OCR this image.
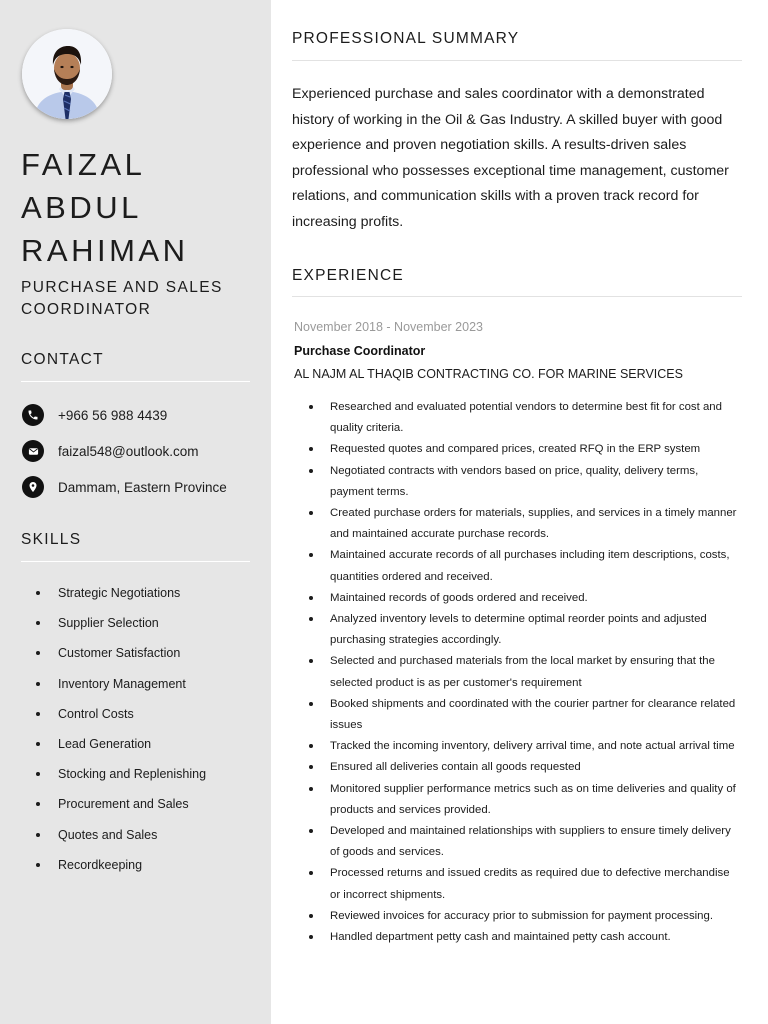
FAIZAL
ABDUL
RAHIMAN
PURCHASE AND SALES
COORDINATOR
CONTACT
+966 56 988 4439
faizal548@outlook.com
Dammam, Eastern Province
SKILLS
Strategic Negotiations
Supplier Selection
Customer Satisfaction
Inventory Management
Control Costs
Lead Generation
Stocking and Replenishing
Procurement and Sales
Quotes and Sales
Recordkeeping
PROFESSIONAL SUMMARY

Experienced purchase and sales coordinator with a demonstrated history of working in the Oil & Gas Industry. A skilled buyer with good experience and proven negotiation skills. A results-driven sales professional who possesses exceptional time management, customer relations, and communication skills with a proven track record for increasing profits.

EXPERIENCE
November 2018 - November 2023
Purchase Coordinator
AL NAJM AL THAQIB CONTRACTING CO. FOR MARINE SERVICES
Researched and evaluated potential vendors to determine best fit for cost and quality criteria.
Requested quotes and compared prices, created RFQ in the ERP system
Negotiated contracts with vendors based on price, quality, delivery terms, payment terms.
Created purchase orders for materials, supplies, and services in a timely manner and maintained accurate purchase records.
Maintained accurate records of all purchases including item descriptions, costs, quantities ordered and received.
Maintained records of goods ordered and received.
Analyzed inventory levels to determine optimal reorder points and adjusted purchasing strategies accordingly.
Selected and purchased materials from the local market by ensuring that the selected product is as per customer's requirement
Booked shipments and coordinated with the courier partner for clearance related issues
Tracked the incoming inventory, delivery arrival time, and note actual arrival time
Ensured all deliveries contain all goods requested
Monitored supplier performance metrics such as on time deliveries and quality of products and services provided.
Developed and maintained relationships with suppliers to ensure timely delivery of goods and services.
Processed returns and issued credits as required due to defective merchandise or incorrect shipments.
Reviewed invoices for accuracy prior to submission for payment processing.
Handled department petty cash and maintained petty cash account.
